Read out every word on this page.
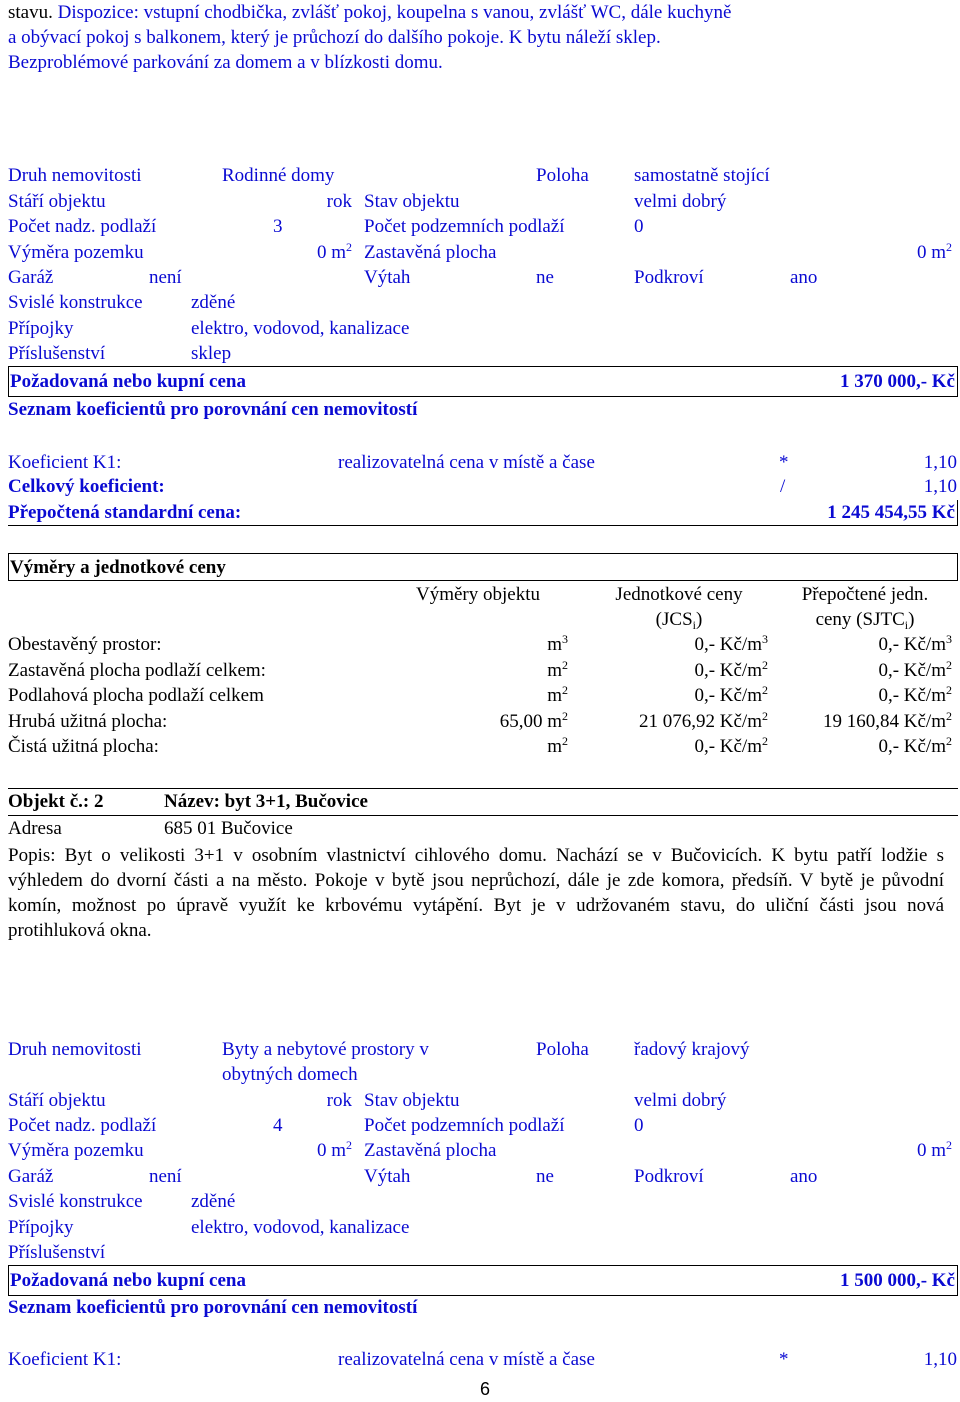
stavu. Dispozice: vstupní chodbička, zvlášť pokoj, koupelna s vanou, zvlášť WC, dále kuchyně
a obývací pokoj s balkonem, který je průchozí do dalšího pokoje. K bytu náleží sklep.
Bezproblémové parkování za domem a v blízkosti domu.
Druh nemovitosti	Rodinné domy	Poloha samostatně stojící
Stáří objektu	rok Stav objektu	velmi dobrý
Počet nadz. podlaží	3	Počet podzemních podlaží	0
Výměra pozemku	0 $m^2$ Zastavěná plocha	0 $m^2$
Garáž	není	Výtah	ne	Podkroví	ano
Svislé konstrukce	zděné
Přípojky	elektro, vodovod, kanalizace
Příslušenství	sklep
Požadovaná nebo kupní cena	1 370 000,- Kč
Seznam koeficientů pro porovnání cen nemovitostí
Koeficient K1:	realizovatelná cena v místě a čase	*	1,10
Celkový koeficient:	/	1,10
Přepočtená standardní cena:	1 245 454,55 Kč
Výměry a jednotkové ceny
Výměry objektu	Jednotkové ceny
$(JCS_i)$
Přepočtené jedn.
ceny $(SJTC_i)$
Obestavěný prostor:	$m^3$	0,- $Kč/m^3$	0,- $Kč/m^3$
Zastavěná plocha podlaží celkem:	$m^2$	0,- $Kč/m^2$	0,- $Kč/m^2$
Podlahová plocha podlaží celkem	$m^2$	0,- $Kč/m^2$	0,- $Kč/m^2$
Hrubá užitná plocha:	65,00 $m^2$	21 076,92 $Kč/m^2$	19 160,84 $Kč/m^2$
Čistá užitná plocha:	$m^2$	0,- $Kč/m^2$	0,- $Kč/m^2$
Objekt č.: 2	Název: byt 3+1, Bučovice
Adresa	685 01 Bučovice
Popis: Byt o velikosti 3+1 v osobním vlastnictví cihlového domu. Nachází se v Bučovicích. K bytu patří lodžie s výhledem do dvorní části a na město. Pokoje v bytě jsou neprůchozí, dále je zde komora, předsíň. V bytě je původní komín, možnost po úpravě využít ke krbovému vytápění. Byt je v udržovaném stavu, do uliční části jsou nová protihluková okna.
Druh nemovitosti	Byty a nebytové prostory v
obytných domech
Poloha řadový krajový
Stáří objektu	rok Stav objektu	velmi dobrý
Počet nadz. podlaží	4	Počet podzemních podlaží	0
Výměra pozemku	0 $m^2$ Zastavěná plocha	0 $m^2$
Garáž	není	Výtah	ne	Podkroví	ano
Svislé konstrukce	zděné
Přípojky	elektro, vodovod, kanalizace
Příslušenství
Požadovaná nebo kupní cena	1 500 000,- Kč
Seznam koeficientů pro porovnání cen nemovitostí
Koeficient K1:	realizovatelná cena v místě a čase	*	1,10
6
